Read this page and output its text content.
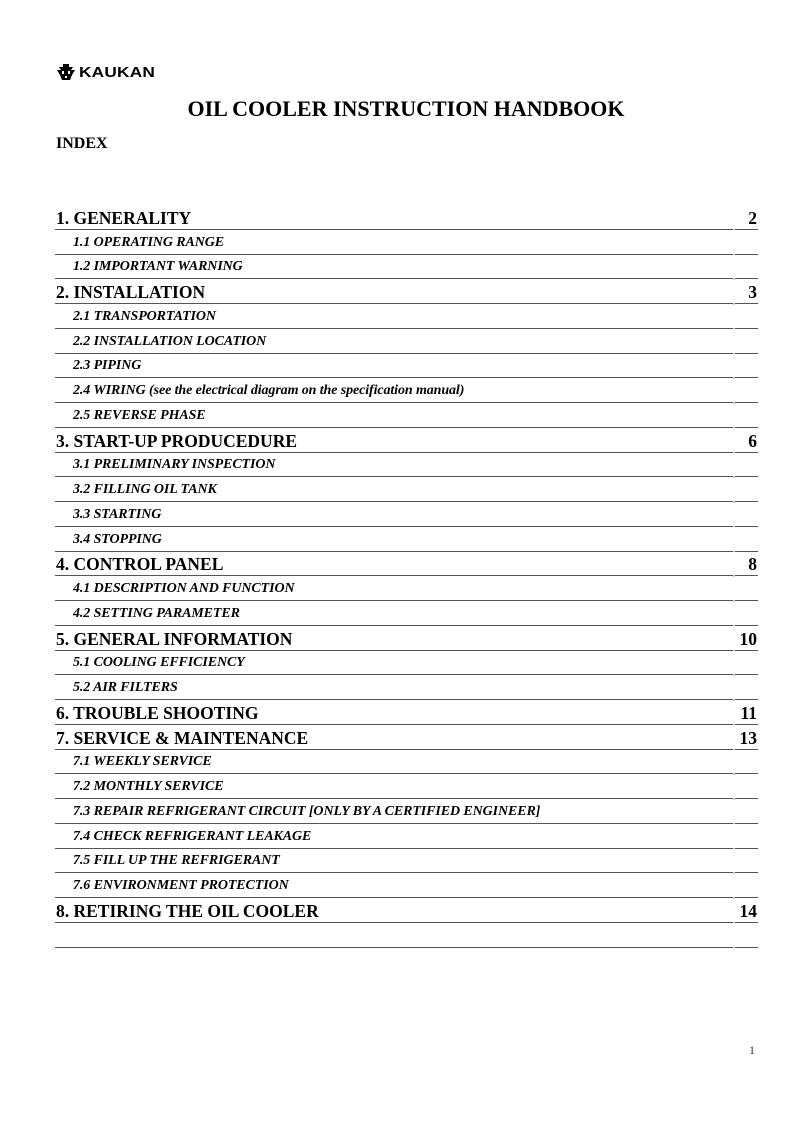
KAUKAN
OIL COOLER INSTRUCTION HANDBOOK
INDEX
1. GENERALITY	2
1.1 OPERATING RANGE
1.2 IMPORTANT WARNING
2. INSTALLATION	3
2.1 TRANSPORTATION
2.2 INSTALLATION LOCATION
2.3 PIPING
2.4 WIRING (see the electrical diagram on the specification manual)
2.5 REVERSE PHASE
3. START-UP PRODUCEDURE	6
3.1 PRELIMINARY INSPECTION
3.2 FILLING OIL TANK
3.3 STARTING
3.4 STOPPING
4. CONTROL PANEL	8
4.1 DESCRIPTION AND FUNCTION
4.2 SETTING PARAMETER
5. GENERAL INFORMATION	10
5.1 COOLING EFFICIENCY
5.2 AIR FILTERS
6. TROUBLE SHOOTING	11
7. SERVICE & MAINTENANCE	13
7.1 WEEKLY SERVICE
7.2 MONTHLY SERVICE
7.3 REPAIR REFRIGERANT CIRCUIT [ONLY BY A CERTIFIED ENGINEER]
7.4 CHECK REFRIGERANT LEAKAGE
7.5 FILL UP THE REFRIGERANT
7.6 ENVIRONMENT PROTECTION
8. RETIRING THE OIL COOLER	14
1
